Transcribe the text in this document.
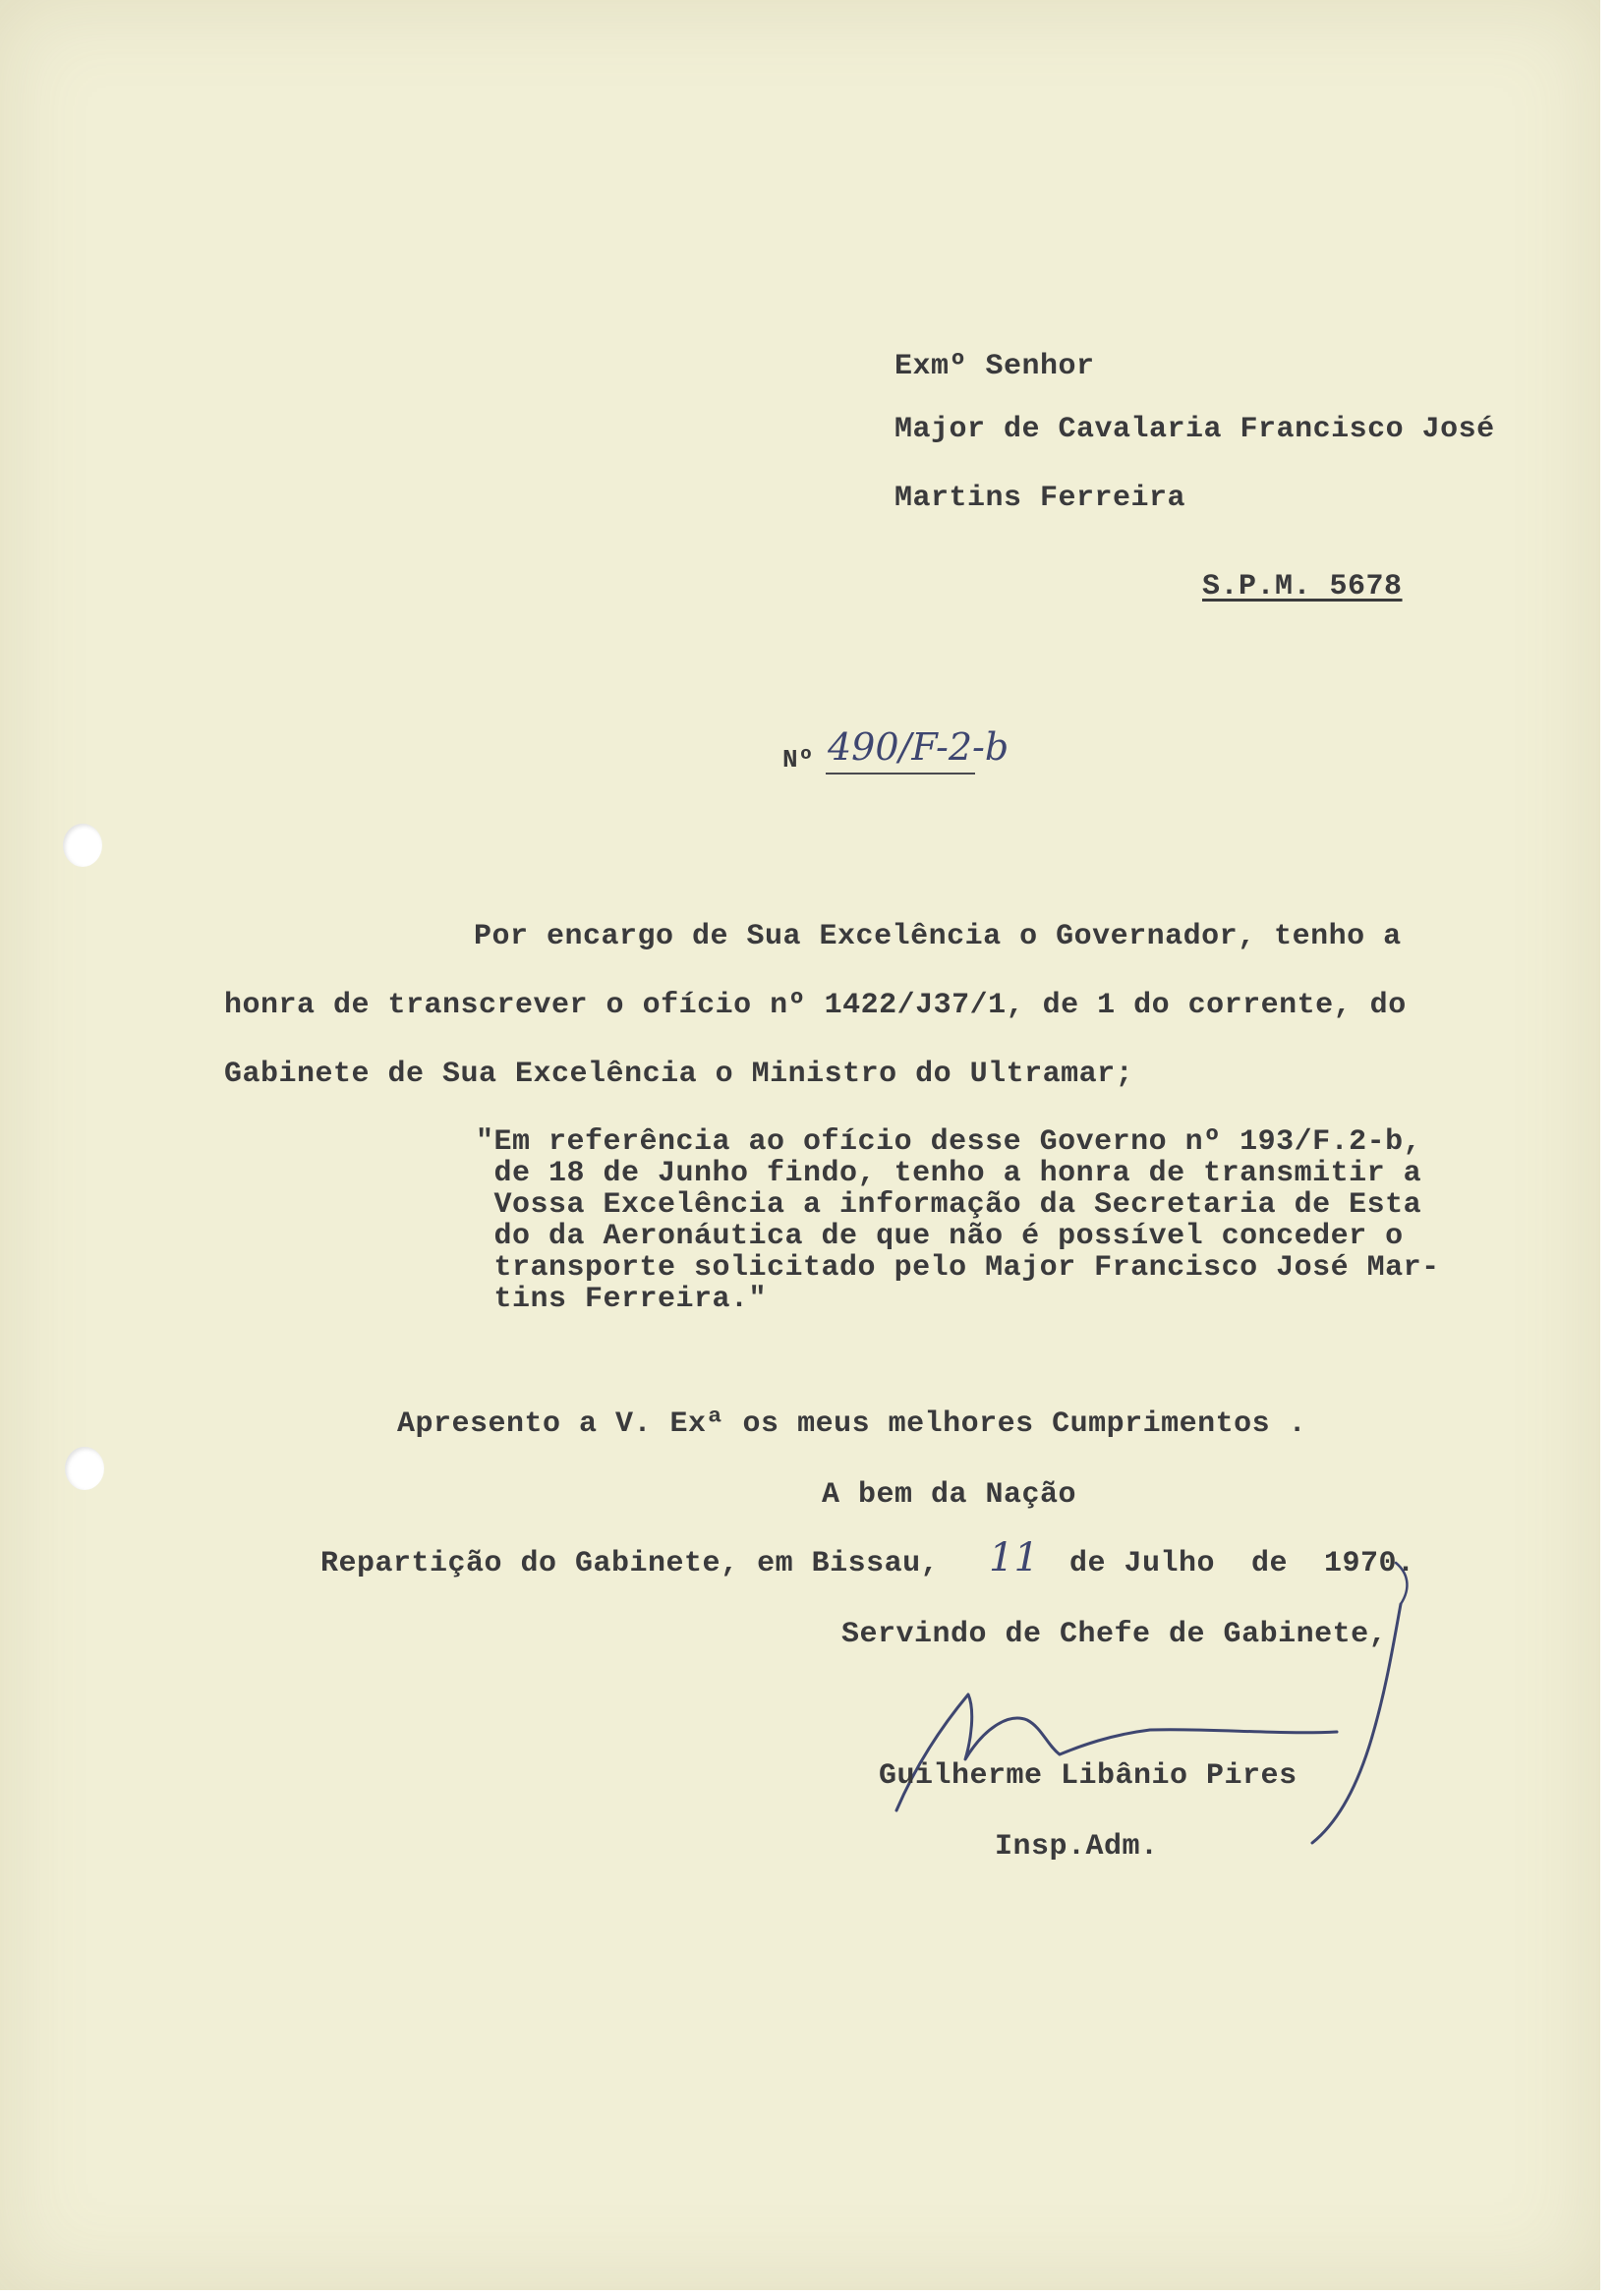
Exmº Senhor
Major de Cavalaria Francisco José
Martins Ferreira
S.P.M. 5678
Nº 490/F-2-b
Por encargo de Sua Excelência o Governador, tenho a
honra de transcrever o ofício nº 1422/J37/1, de 1 do corrente, do
Gabinete de Sua Excelência o Ministro do Ultramar;
"Em referência ao ofício desse Governo nº 193/F.2-b,
de 18 de Junho findo, tenho a honra de transmitir a
Vossa Excelência a informação da Secretaria de Esta
do da Aeronáutica de que não é possível conceder o
transporte solicitado pelo Major Francisco José Mar-
tins Ferreira."
Apresento a V. Exª os meus melhores Cumprimentos .
A bem da Nação
Repartição do Gabinete, em Bissau, 11 de Julho  de  1970.
Servindo de Chefe de Gabinete,
Guilherme Libânio Pires
Insp.Adm.
